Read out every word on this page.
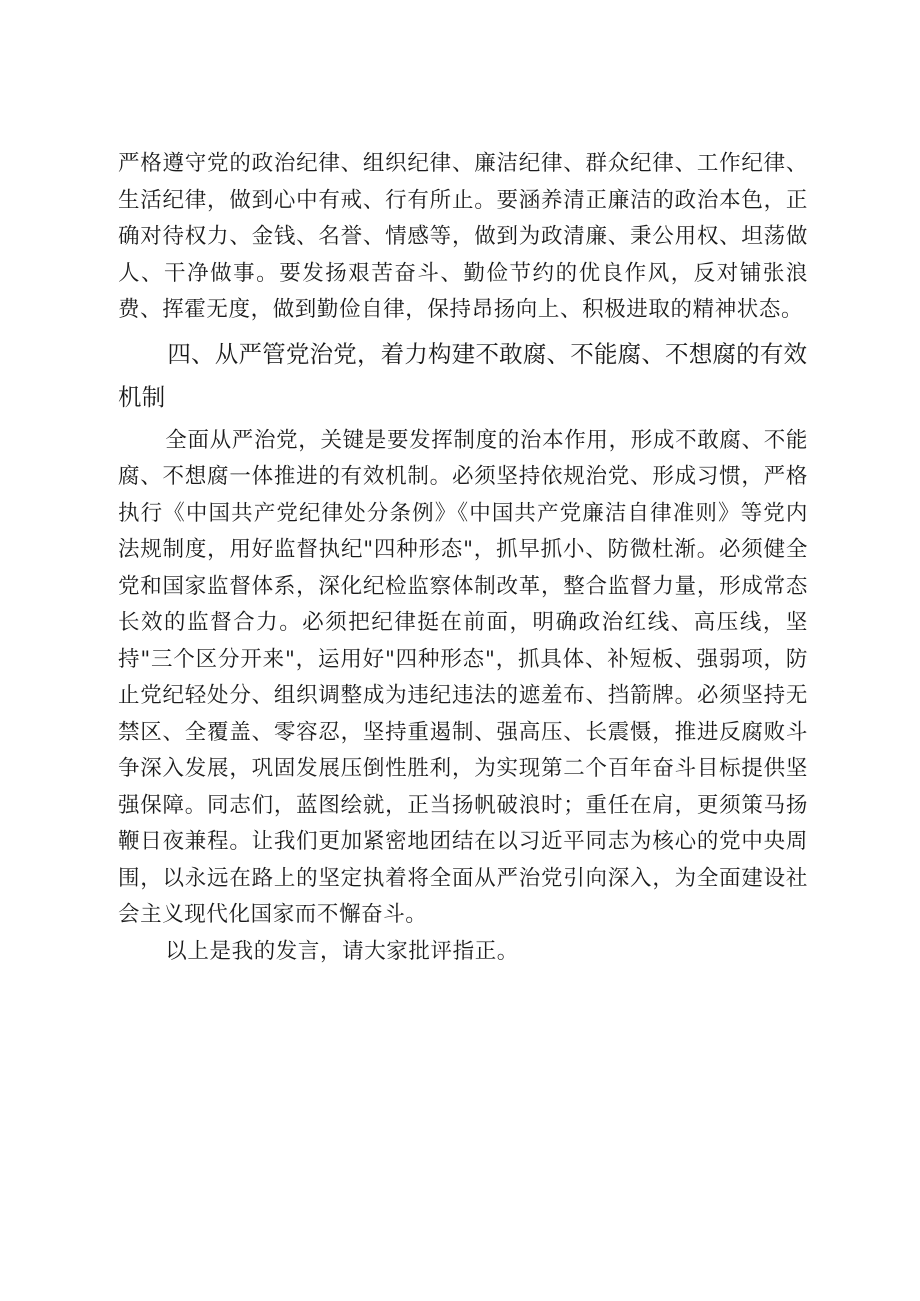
严格遵守党的政治纪律、组织纪律、廉洁纪律、群众纪律、工作纪律、生活纪律，做到心中有戒、行有所止。要涵养清正廉洁的政治本色，正确对待权力、金钱、名誉、情感等，做到为政清廉、秉公用权、坦荡做人、干净做事。要发扬艰苦奋斗、勤俭节约的优良作风，反对铺张浪费、挥霍无度，做到勤俭自律，保持昂扬向上、积极进取的精神状态。

四、从严管党治党，着力构建不敢腐、不能腐、不想腐的有效机制

全面从严治党，关键是要发挥制度的治本作用，形成不敢腐、不能腐、不想腐一体推进的有效机制。必须坚持依规治党、形成习惯，严格执行《中国共产党纪律处分条例》《中国共产党廉洁自律准则》等党内法规制度，用好监督执纪"四种形态"，抓早抓小、防微杜渐。必须健全党和国家监督体系，深化纪检监察体制改革，整合监督力量，形成常态长效的监督合力。必须把纪律挺在前面，明确政治红线、高压线，坚持"三个区分开来"，运用好"四种形态"，抓具体、补短板、强弱项，防止党纪轻处分、组织调整成为违纪违法的遮羞布、挡箭牌。必须坚持无禁区、全覆盖、零容忍，坚持重遏制、强高压、长震慑，推进反腐败斗争深入发展，巩固发展压倒性胜利，为实现第二个百年奋斗目标提供坚强保障。同志们，蓝图绘就，正当扬帆破浪时；重任在肩，更须策马扬鞭日夜兼程。让我们更加紧密地团结在以习近平同志为核心的党中央周围，以永远在路上的坚定执着将全面从严治党引向深入，为全面建设社会主义现代化国家而不懈奋斗。

以上是我的发言，请大家批评指正。
